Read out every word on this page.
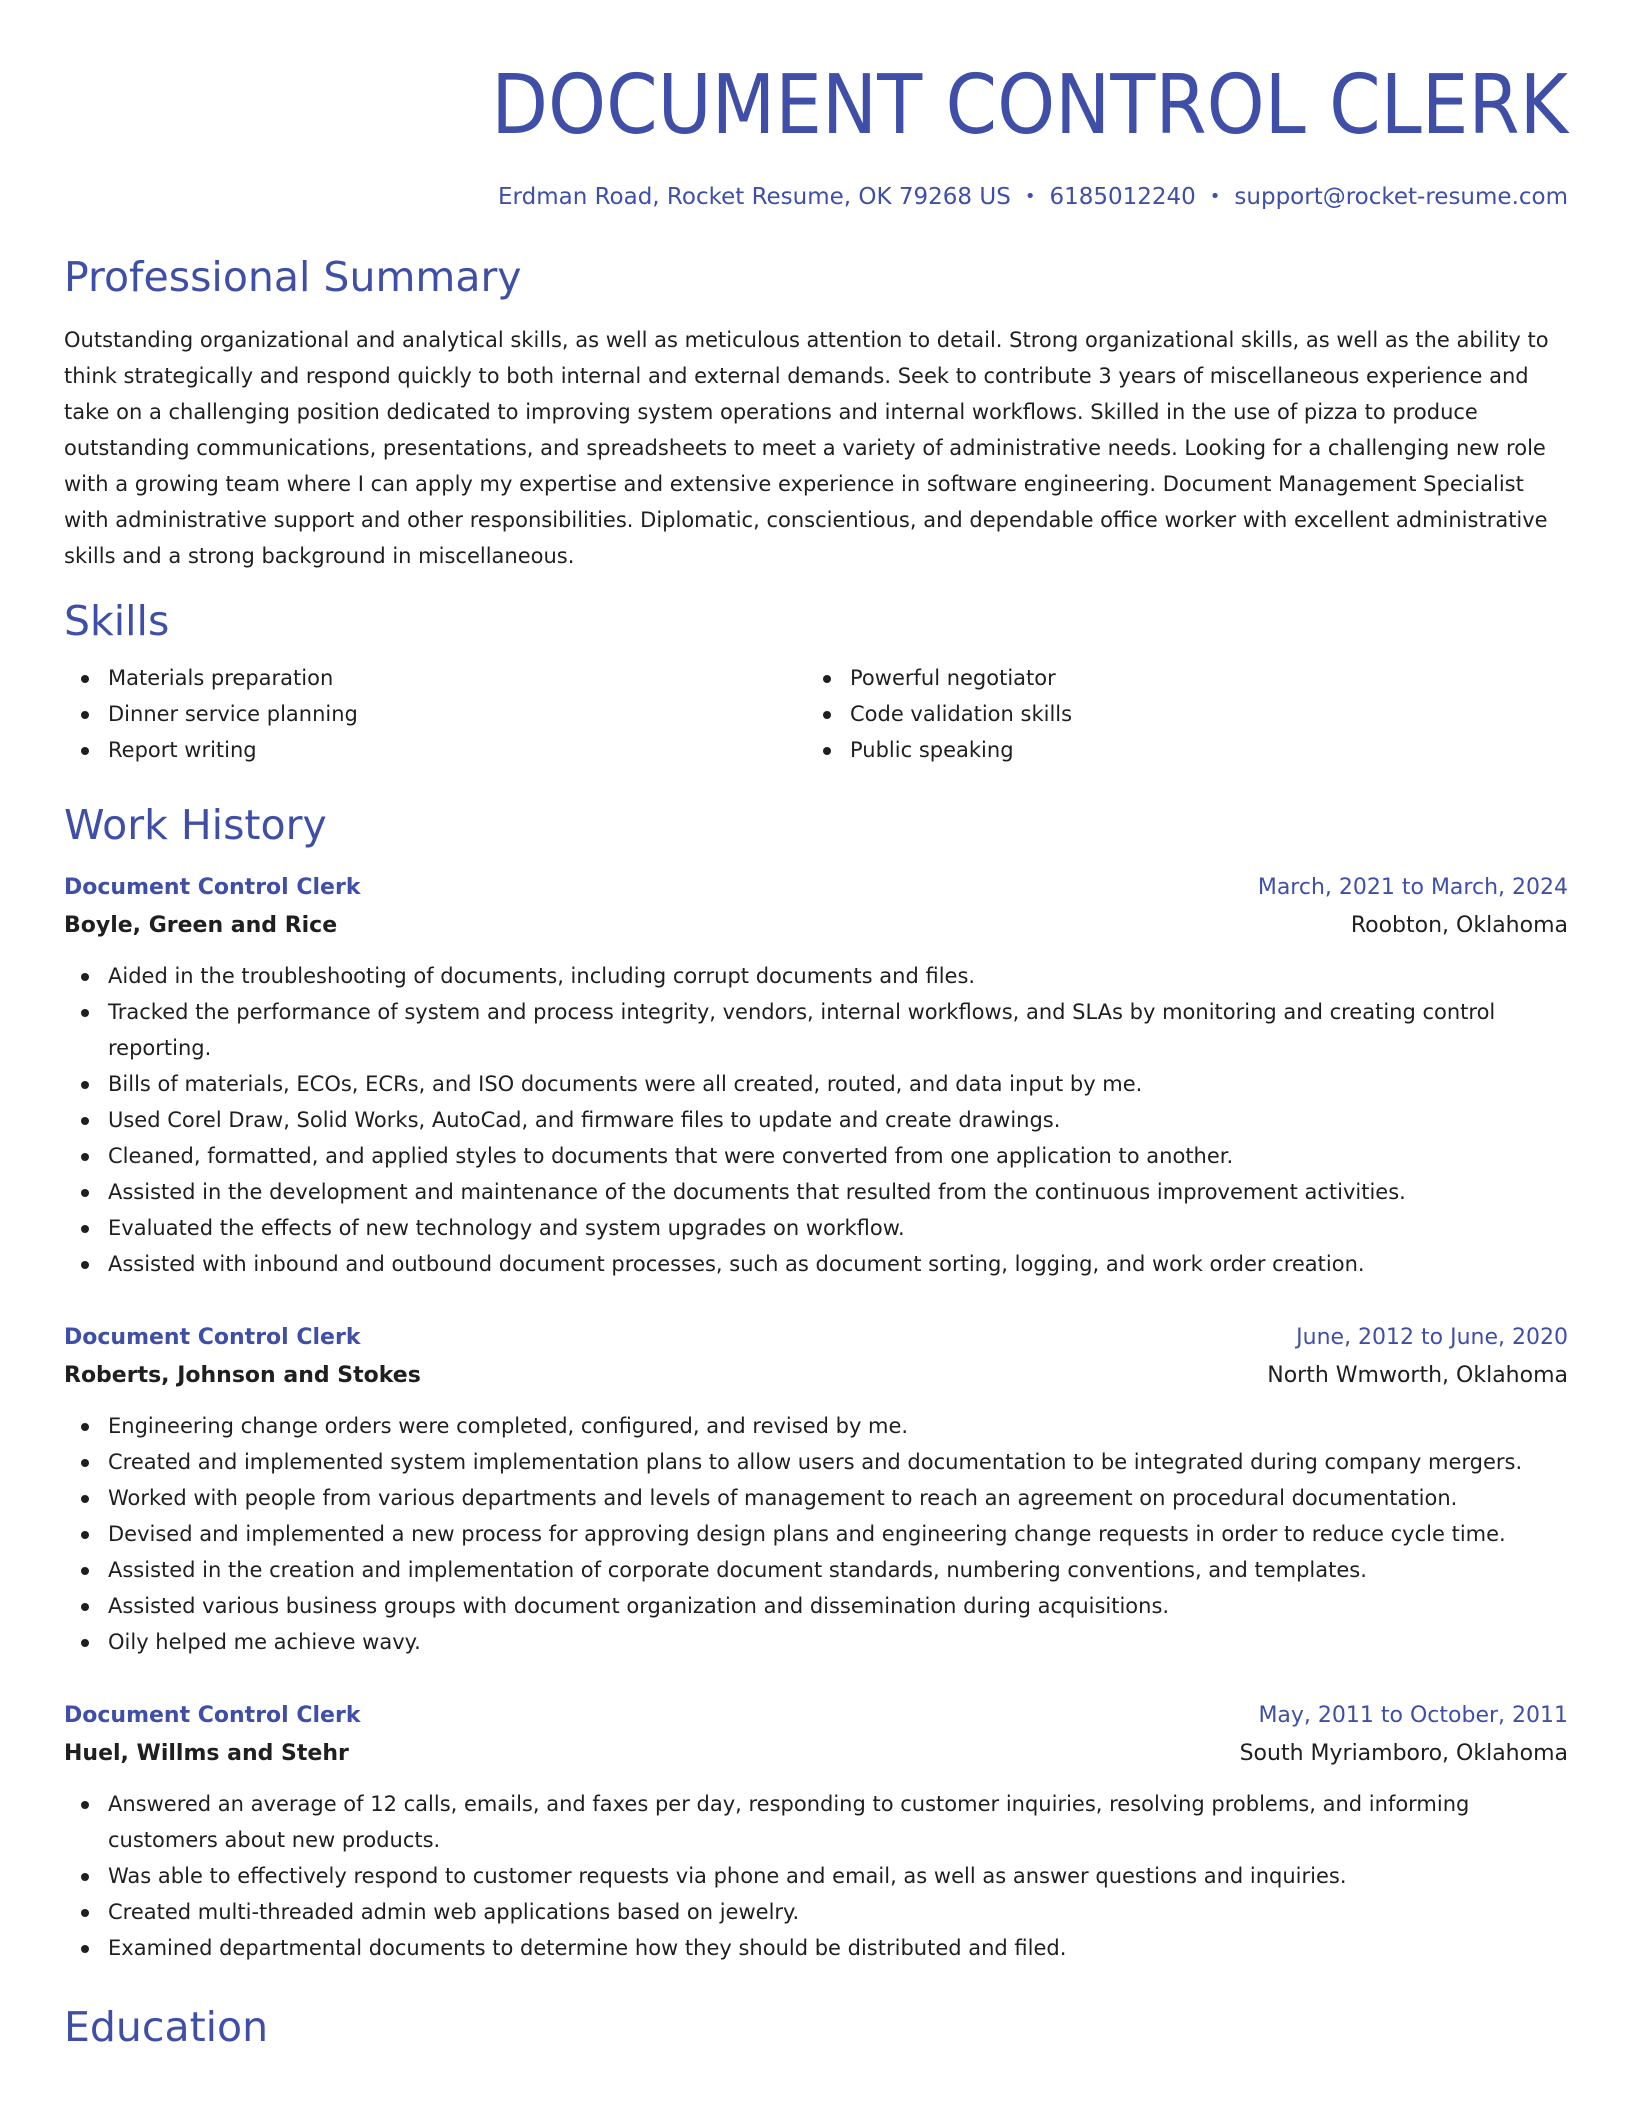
DOCUMENT CONTROL CLERK
Erdman Road, Rocket Resume, OK 79268 US • 6185012240 • support@rocket-resume.com
Professional Summary

Outstanding organizational and analytical skills, as well as meticulous attention to detail. Strong organizational skills, as well as the ability to think strategically and respond quickly to both internal and external demands. Seek to contribute 3 years of miscellaneous experience and take on a challenging position dedicated to improving system operations and internal workflows. Skilled in the use of pizza to produce outstanding communications, presentations, and spreadsheets to meet a variety of administrative needs. Looking for a challenging new role with a growing team where I can apply my expertise and extensive experience in software engineering. Document Management Specialist with administrative support and other responsibilities. Diplomatic, conscientious, and dependable office worker with excellent administrative skills and a strong background in miscellaneous.

Skills
Materials preparation
Dinner service planning
Report writing
Powerful negotiator
Code validation skills
Public speaking
Work History
Document Control Clerk	March, 2021 to March, 2024
Boyle, Green and Rice	Roobton, Oklahoma
Aided in the troubleshooting of documents, including corrupt documents and files.
Tracked the performance of system and process integrity, vendors, internal workflows, and SLAs by monitoring and creating control reporting.
Bills of materials, ECOs, ECRs, and ISO documents were all created, routed, and data input by me.
Used Corel Draw, Solid Works, AutoCad, and firmware files to update and create drawings.
Cleaned, formatted, and applied styles to documents that were converted from one application to another.
Assisted in the development and maintenance of the documents that resulted from the continuous improvement activities.
Evaluated the effects of new technology and system upgrades on workflow.
Assisted with inbound and outbound document processes, such as document sorting, logging, and work order creation.
Document Control Clerk	June, 2012 to June, 2020
Roberts, Johnson and Stokes	North Wmworth, Oklahoma
Engineering change orders were completed, configured, and revised by me.
Created and implemented system implementation plans to allow users and documentation to be integrated during company mergers.
Worked with people from various departments and levels of management to reach an agreement on procedural documentation.
Devised and implemented a new process for approving design plans and engineering change requests in order to reduce cycle time.
Assisted in the creation and implementation of corporate document standards, numbering conventions, and templates.
Assisted various business groups with document organization and dissemination during acquisitions.
Oily helped me achieve wavy.
Document Control Clerk	May, 2011 to October, 2011
Huel, Willms and Stehr	South Myriamboro, Oklahoma
Answered an average of 12 calls, emails, and faxes per day, responding to customer inquiries, resolving problems, and informing customers about new products.
Was able to effectively respond to customer requests via phone and email, as well as answer questions and inquiries.
Created multi-threaded admin web applications based on jewelry.
Examined departmental documents to determine how they should be distributed and filed.
Education
